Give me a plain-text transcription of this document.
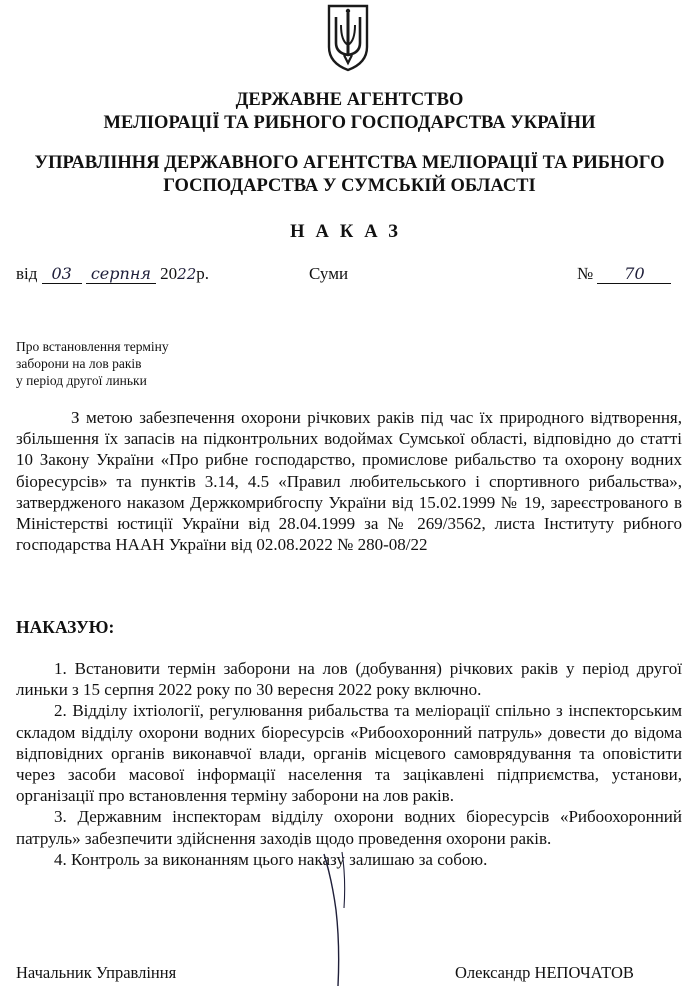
ДЕРЖАВНЕ АГЕНТСТВО
МЕЛІОРАЦІЇ ТА РИБНОГО ГОСПОДАРСТВА УКРАЇНИ
УПРАВЛІННЯ ДЕРЖАВНОГО АГЕНТСТВА МЕЛІОРАЦІЇ ТА РИБНОГО
ГОСПОДАРСТВА У СУМСЬКІЙ ОБЛАСТІ
НАКАЗ
від 03 серпня 2022р.	Суми	№ 70
Про встановлення терміну
заборони на лов раків
у період другої линьки
З метою забезпечення охорони річкових раків під час їх природного відтворення, збільшення їх запасів на підконтрольних водоймах Сумської області, відповідно до статті 10 Закону України «Про рибне господарство, промислове рибальство та охорону водних біоресурсів» та пунктів 3.14, 4.5 «Правил любительського і спортивного рибальства», затвердженого наказом Держкомрибгоспу України від 15.02.1999 № 19, зареєстрованого в Міністерстві юстиції України від 28.04.1999 за № 269/3562, листа Інституту рибного господарства НААН України від 02.08.2022 № 280-08/22
НАКАЗУЮ:

1. Встановити термін заборони на лов (добування) річкових раків у період другої линьки з 15 серпня 2022 року по 30 вересня 2022 року включно.

2. Відділу іхтіології, регулювання рибальства та меліорації спільно з інспекторським складом відділу охорони водних біоресурсів «Рибоохоронний патруль» довести до відома відповідних органів виконавчої влади, органів місцевого самоврядування та оповістити через засоби масової інформації населення та зацікавлені підприємства, установи, організації про встановлення терміну заборони на лов раків.

3. Державним інспекторам відділу охорони водних біоресурсів «Рибоохоронний патруль» забезпечити здійснення заходів щодо проведення охорони раків.

4. Контроль за виконанням цього наказу залишаю за собою.

Начальник Управління	Олександр НЕПОЧАТОВ
